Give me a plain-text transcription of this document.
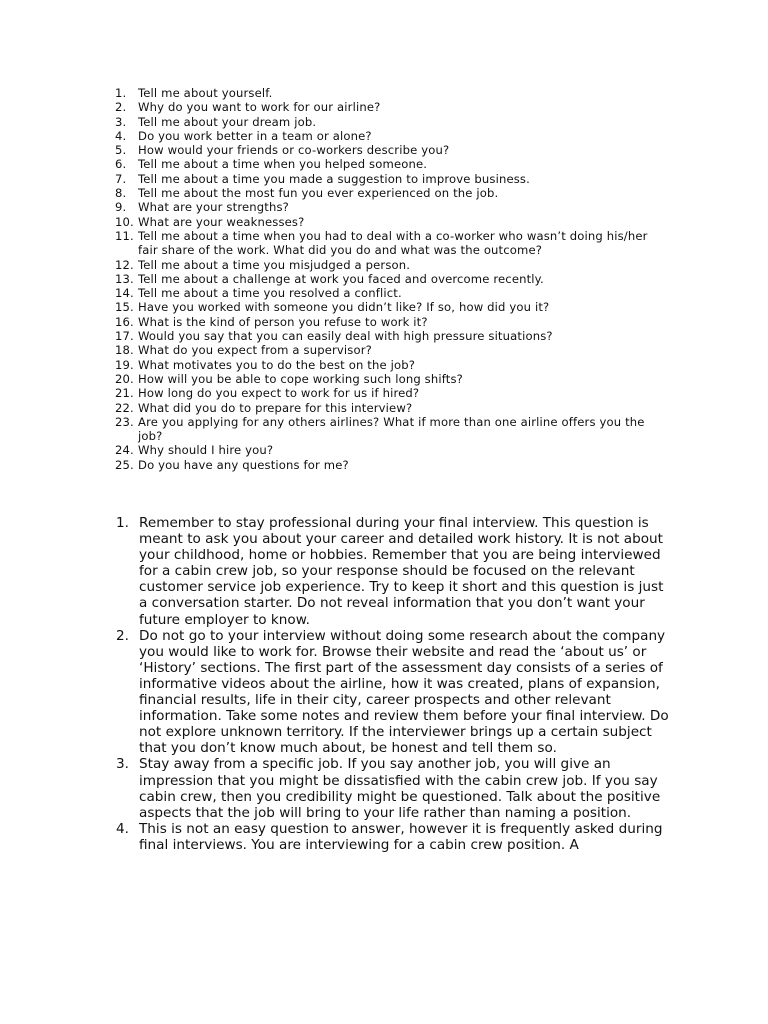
1.	Tell me about yourself.
2.	Why do you want to work for our airline?
3.	Tell me about your dream job.
4.	Do you work better in a team or alone?
5.	How would your friends or co-workers describe you?
6.	Tell me about a time when you helped someone.
7.	Tell me about a time you made a suggestion to improve business.
8.	Tell me about the most fun you ever experienced on the job.
9.	What are your strengths?
10. What are your weaknesses?
11. Tell me about a time when you had to deal with a co-worker who wasn’t doing his/her fair share of the work. What did you do and what was the outcome?
12. Tell me about a time you misjudged a person.
13. Tell me about a challenge at work you faced and overcome recently.
14. Tell me about a time you resolved a conflict.
15. Have you worked with someone you didn’t like? If so, how did you it?
16. What is the kind of person you refuse to work it?
17. Would you say that you can easily deal with high pressure situations?
18. What do you expect from a supervisor?
19. What motivates you to do the best on the job?
20. How will you be able to cope working such long shifts?
21. How long do you expect to work for us if hired?
22. What did you do to prepare for this interview?
23. Are you applying for any others airlines? What if more than one airline offers you the job?
24. Why should I hire you?
25. Do you have any questions for me?
1. Remember to stay professional during your final interview. This question is meant to ask you about your career and detailed work history. It is not about your childhood, home or hobbies. Remember that you are being interviewed for a cabin crew job, so your response should be focused on the relevant customer service job experience. Try to keep it short and this question is just a conversation starter. Do not reveal information that you don’t want your future employer to know.
2. Do not go to your interview without doing some research about the company you would like to work for. Browse their website and read the ‘about us’ or ‘History’ sections. The first part of the assessment day consists of a series of informative videos about the airline, how it was created, plans of expansion, financial results, life in their city, career prospects and other relevant information. Take some notes and review them before your final interview. Do not explore unknown territory. If the interviewer brings up a certain subject that you don’t know much about, be honest and tell them so.
3. Stay away from a specific job. If you say another job, you will give an impression that you might be dissatisfied with the cabin crew job. If you say cabin crew, then you credibility might be questioned. Talk about the positive aspects that the job will bring to your life rather than naming a position.
4. This is not an easy question to answer, however it is frequently asked during final interviews. You are interviewing for a cabin crew position. A
